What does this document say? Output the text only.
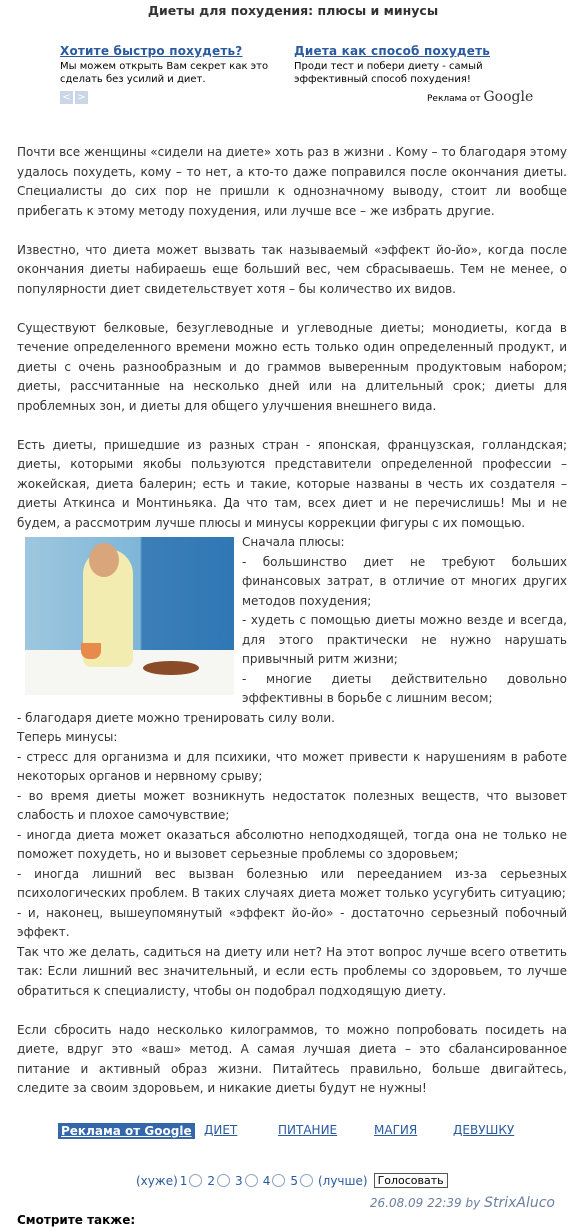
Диеты для похудения: плюсы и минусы
Хотите быстро похудеть?
Мы можем открыть Вам секрет как это сделать без усилий и диет.
Диета как способ похудеть
Проди тест и побери диету - самый эффективный способ похудения!
< >	Реклама от Google

Почти все женщины «сидели на диете» хоть раз в жизни . Кому – то благодаря этому удалось похудеть, кому – то нет, а кто-то даже поправился после окончания диеты. Специалисты до сих пор не пришли к однозначному выводу, стоит ли вообще прибегать к этому методу похудения, или лучше все – же избрать другие.

Известно, что диета может вызвать так называемый «эффект йо-йо», когда после окончания диеты набираешь еще больший вес, чем сбрасываешь. Тем не менее, о популярности диет свидетельствует хотя – бы количество их видов.

Существуют белковые, безуглеводные и углеводные диеты; монодиеты, когда в течение определенного времени можно есть только один определенный продукт, и диеты с очень разнообразным и до граммов выверенным продуктовым набором; диеты, рассчитанные на несколько дней или на длительный срок; диеты для проблемных зон, и диеты для общего улучшения внешнего вида.

Есть диеты, пришедшие из разных стран - японская, французская, голландская; диеты, которыми якобы пользуются представители определенной профессии – жокейская, диета балерин; есть и такие, которые названы в честь их создателя – диеты Аткинса и Монтиньяка. Да что там, всех диет и не перечислишь! Мы и не будем, а рассмотрим лучше плюсы и минусы коррекции фигуры с их помощью.

Сначала плюсы:

- большинство диет не требуют больших финансовых затрат, в отличие от многих других методов похудения;

- худеть с помощью диеты можно везде и всегда, для этого практически не нужно нарушать привычный ритм жизни;

- многие диеты действительно довольно эффективны в борьбе с лишним весом;

- благодаря диете можно тренировать силу воли.

Теперь минусы:

- стресс для организма и для психики, что может привести к нарушениям в работе некоторых органов и нервному срыву;

- во время диеты может возникнуть недостаток полезных веществ, что вызовет слабость и плохое самочувствие;

- иногда диета может оказаться абсолютно неподходящей, тогда она не только не поможет похудеть, но и вызовет серьезные проблемы со здоровьем;

- иногда лишний вес вызван болезнью или перееданием из-за серьезных психологических проблем. В таких случаях диета может только усугубить ситуацию;

- и, наконец, вышеупомянутый «эффект йо-йо» - достаточно серьезный побочный эффект.

Так что же делать, садиться на диету или нет? На этот вопрос лучше всего ответить так: Если лишний вес значительный, и если есть проблемы со здоровьем, то лучше обратиться к специалисту, чтобы он подобрал подходящую диету.

Если сбросить надо несколько килограммов, то можно попробовать посидеть на диете, вдруг это «ваш» метод. А самая лучшая диета – это сбалансированное питание и активный образ жизни. Питайтесь правильно, больше двигайтесь, следите за своим здоровьем, и никакие диеты будут не нужны!

Реклама от Google ДИЕТ	ПИТАНИЕ	МАГИЯ	ДЕВУШКУ
(хуже) 1 2 3 4 5 (лучше) Голосовать
26.08.09 22:39 by StrixAluco
Смотрите также:
